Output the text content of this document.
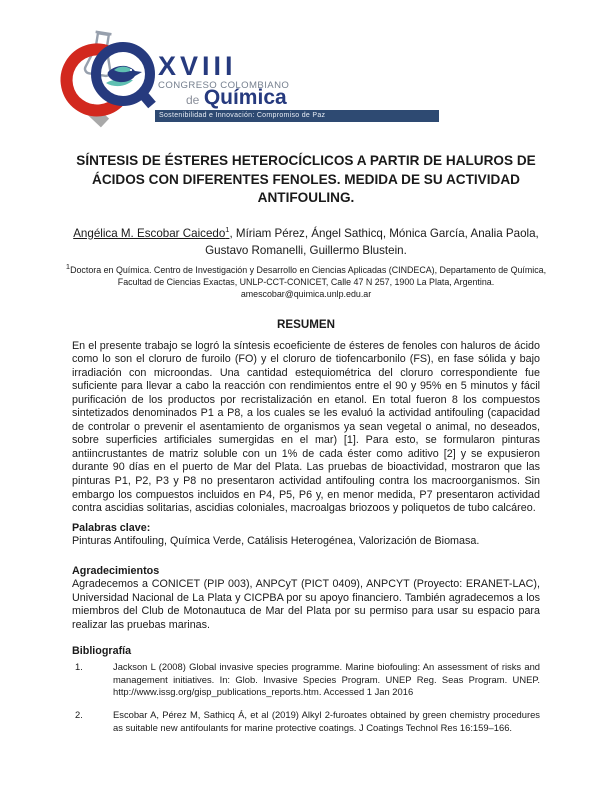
XVIII
CONGRESO COLOMBIANO
de Química
Sostenibilidad e Innovación: Compromiso de Paz
SÍNTESIS DE ÉSTERES HETEROCÍCLICOS A PARTIR DE HALUROS DE ÁCIDOS CON DIFERENTES FENOLES. MEDIDA DE SU ACTIVIDAD ANTIFOULING.

Angélica M. Escobar Caicedo$^1$, Míriam Pérez, Ángel Sathicq, Mónica García, Analia Paola, Gustavo Romanelli, Guillermo Blustein.

$^1$Doctora en Química. Centro de Investigación y Desarrollo en Ciencias Aplicadas (CINDECA), Departamento de Química, Facultad de Ciencias Exactas, UNLP-CCT-CONICET, Calle 47 N 257, 1900 La Plata, Argentina. amescobar@quimica.unlp.edu.ar

RESUMEN

En el presente trabajo se logró la síntesis ecoeficiente de ésteres de fenoles con haluros de ácido como lo son el cloruro de furoilo (FO) y el cloruro de tiofencarbonilo (FS), en fase sólida y bajo irradiación con microondas. Una cantidad estequiométrica del cloruro correspondiente fue suficiente para llevar a cabo la reacción con rendimientos entre el 90 y 95% en 5 minutos y fácil purificación de los productos por recristalización en etanol. En total fueron 8 los compuestos sintetizados denominados P1 a P8, a los cuales se les evaluó la actividad antifouling (capacidad de controlar o prevenir el asentamiento de organismos ya sean vegetal o animal, no deseados, sobre superficies artificiales sumergidas en el mar) [1]. Para esto, se formularon pinturas antiincrustantes de matriz soluble con un 1% de cada éster como aditivo [2] y se expusieron durante 90 días en el puerto de Mar del Plata. Las pruebas de bioactividad, mostraron que las pinturas P1, P2, P3 y P8 no presentaron actividad antifouling contra los macroorganismos. Sin embargo los compuestos incluidos en P4, P5, P6 y, en menor medida, P7 presentaron actividad contra ascidias solitarias, ascidias coloniales, macroalgas briozoos y poliquetos de tubo calcáreo.

Palabras clave:

Pinturas Antifouling, Química Verde, Catálisis Heterogénea, Valorización de Biomasa.

Agradecimientos

Agradecemos a CONICET (PIP 003), ANPCyT (PICT 0409), ANPCYT (Proyecto: ERANET-LAC), Universidad Nacional de La Plata y CICPBA por su apoyo financiero. También agradecemos a los miembros del Club de Motonautuca de Mar del Plata por su permiso para usar su espacio para realizar las pruebas marinas.

Bibliografía
1.	Jackson L (2008) Global invasive species programme. Marine biofouling: An assessment of risks and management initiatives. In: Glob. Invasive Species Program. UNEP Reg. Seas Program. UNEP. http://www.issg.org/gisp_publications_reports.htm. Accessed 1 Jan 2016
2.	Escobar A, Pérez M, Sathicq Á, et al (2019) Alkyl 2-furoates obtained by green chemistry procedures as suitable new antifoulants for marine protective coatings. J Coatings Technol Res 16:159–166.
